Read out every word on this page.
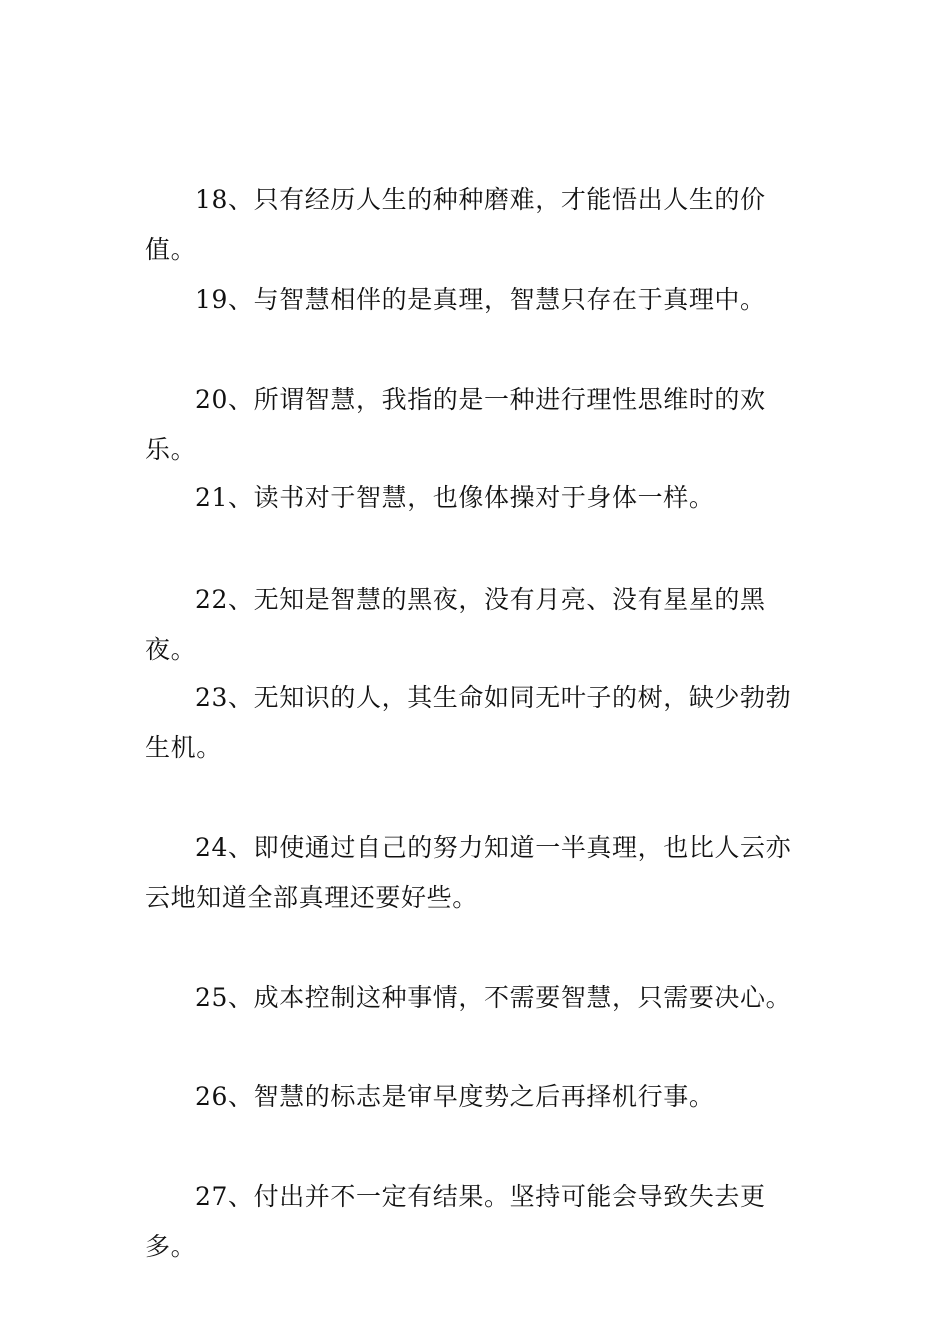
18、只有经历人生的种种磨难，才能悟出人生的价值。

19、与智慧相伴的是真理，智慧只存在于真理中。

20、所谓智慧，我指的是一种进行理性思维时的欢乐。

21、读书对于智慧，也像体操对于身体一样。

22、无知是智慧的黑夜，没有月亮、没有星星的黑夜。

23、无知识的人，其生命如同无叶子的树，缺少勃勃生机。

24、即使通过自己的努力知道一半真理，也比人云亦云地知道全部真理还要好些。

25、成本控制这种事情，不需要智慧，只需要决心。

26、智慧的标志是审早度势之后再择机行事。

27、付出并不一定有结果。坚持可能会导致失去更多。
